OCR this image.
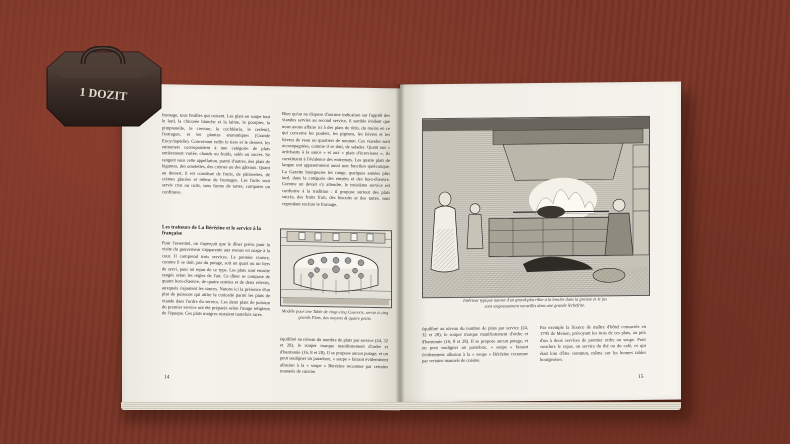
fromage, tous feuilles qui cuisent. Les plats en soupe tout le lard, la chicorée blanche et la laitue, le pourpier, la pimprenelle, le cresson, la cochléaria, le cerfeuil, l'estragon, et les plantes aromatiques (Grande Encyclopédie). Concernant enfin le tiers et le dessert, les entremets correspondent à une catégorie de plats entièrement variée, chauds ou froids, salés ou sucrés. Se rangent sous cette appellation, parmi d'autres, des plats de légumes, des omelettes, des crèmes ou des gâteaux. Quant au dessert, il est constitué de fruits, de pâtisseries, de crèmes glacées et même de fromages. Les fruits sont servis crus ou cuits, sous forme de tartes, compotes ou confitures.
Les traiteurs de La Bérézine et le service à la française
Pour l'essentiel, on s'aperçoit que le dîner prévu pour la visite du gouverneur s'apparente aux menus en usage à la cour. Il comprend trois services. Le premier s'ouvre, comme il se doit, par du potage, soit un quart ou un tiers de servi, pour un repas de ce type. Les plats sont ensuite rangés selon les règles de l'art. Ce dîner se compose de quatre hors-d'œuvre, de quatre entrées et de deux relevés, auxquels s'ajoutent les sauces. Notons ici la présence d'un plat de poissons qui attire la curiosité parmi les plats de viande dans l'ordre du service. Les deux plats de poisson du premier service ont été préparés selon l'usage religieux de l'époque. Ces plats maigres restaient toutefois rares.	Modèle pour une Table de vingt-cinq Couverts, servie à cinq grands Plats, des moyens & quatre petits.
équilibré au niveau du nombre de plats par service (24, 32 et 28), le souper marque manifestement d'ordre et d'harmonie (16, 8 et 28). Il se propose aucun potage, et on peut souligner un paradoxe, « soupe » faisant évidemment allusion à la « soupe » Bérézine reconnue par certains manuels de cuisine.
14
Intérieur typique autour d'un grand-plat rôtie à la broche dans la graisse et le jus sont soigneusement recueillis dans une grande lèchefrite.
équilibré au niveau du nombre de plats par service (24, 32 et 28), le souper marque manifestement d'ordre et d'harmonie (16, 8 et 28). Il se propose aucun potage, et on peut souligner un paradoxe, « soupe » faisant évidemment allusion à la « soupe » Bérézine reconnue par certains manuels de cuisine.
Par exemple la licence de maître d'hôtel consacrée en 1795 de Menon, prévoyant les trois de ces plats, au prix d'un à deux services de premier ordre ou soupe. Pour conclure le repas, on servira du thé ou du café, ce qui était loin d'être commun, même sur les bonnes tables bourgeoises.
15
Bien qu'on ne dispose d'aucune indication sur l'apprêt des viandes servies au second service, il semble évident que nous avons affaire ici à des plats de rôtis, du moins en ce qui concerne les poulets, les pigeons, les lièvres et les lièvres de veau ou quartiers de mouton. Ces viandes sont accompagnées, comme il se doit, de salades. Quant aux « artichauts à la sauce » et aux « plats d'écrevisses », ils constituent à l'évidence des entremets. Les quatre plats de langue ont apparemment aussi une fonction quelconque. La Gazette bourgeoise les range, quelques années plus tard, dans la catégorie des entrées et des hors-d'œuvre. Comme on devait s'y attendre, le troisième service est conforme à la tradition : il propose surtout des plats sucrés, des fruits frais, des biscuits et des tartes, sans cependant exclure le fromage.
1 DOZIT
